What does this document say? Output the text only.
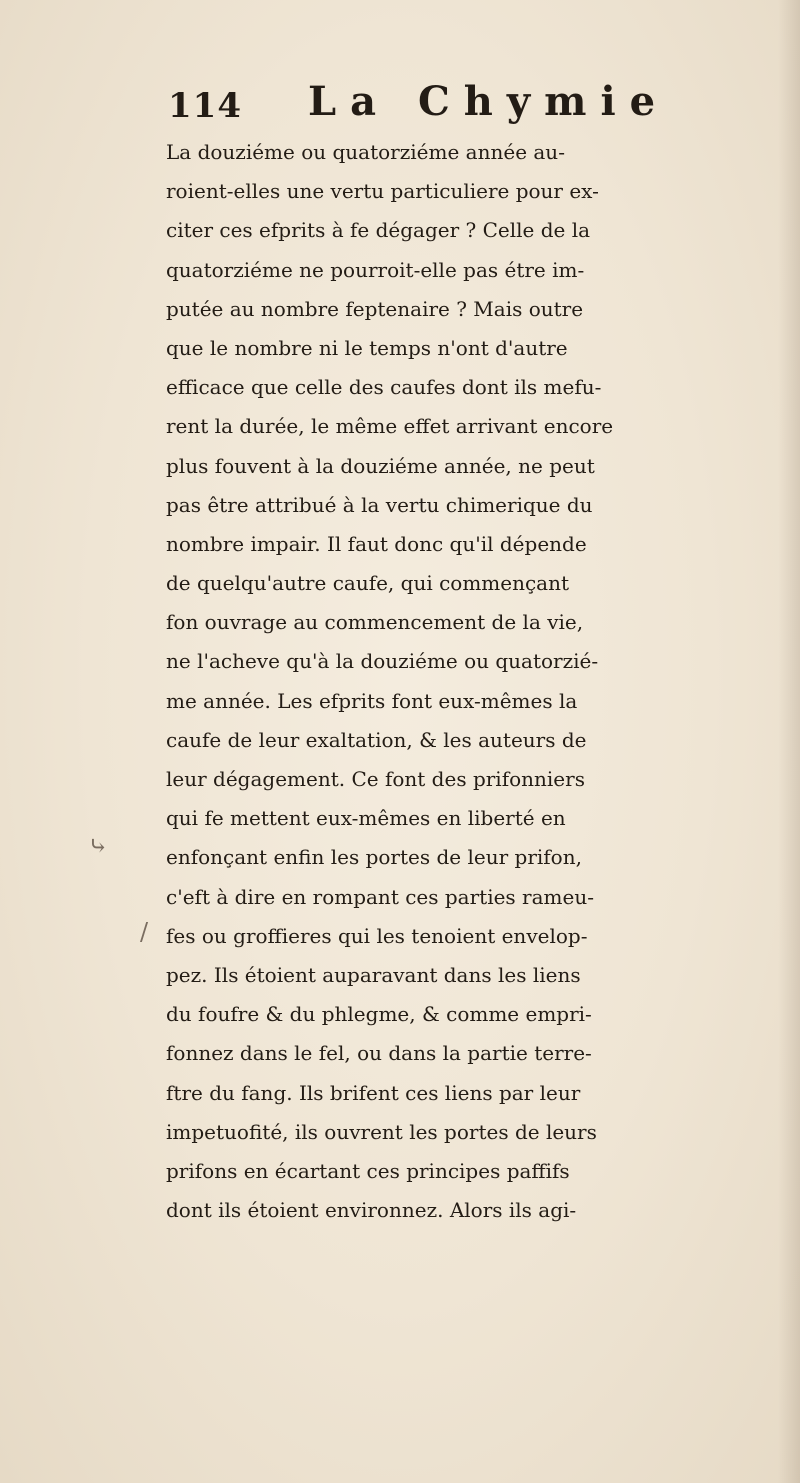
114 La Chymie
La douziéme ou quatorziéme année au-
roient-elles une vertu particuliere pour ex-
citer ces efprits à fe dégager ? Celle de la
quatorziéme ne pourroit-elle pas étre im-
putée au nombre feptenaire ? Mais outre
que le nombre ni le temps n'ont d'autre
efficace que celle des caufes dont ils mefu-
rent la durée, le même effet arrivant encore
plus fouvent à la douziéme année, ne peut
pas être attribué à la vertu chimerique du
nombre impair. Il faut donc qu'il dépende
de quelqu'autre caufe, qui commençant
fon ouvrage au commencement de la vie,
ne l'acheve qu'à la douziéme ou quatorzié-
me année. Les efprits font eux-mêmes la
caufe de leur exaltation, & les auteurs de
leur dégagement. Ce font des prifonniers
qui fe mettent eux-mêmes en liberté en
enfonçant enfin les portes de leur prifon,
c'eft à dire en rompant ces parties rameu-
fes ou groffieres qui les tenoient envelop-
pez. Ils étoient auparavant dans les liens
du foufre & du phlegme, & comme empri-
fonnez dans le fel, ou dans la partie terre-
ftre du fang. Ils brifent ces liens par leur
impetuofité, ils ouvrent les portes de leurs
prifons en écartant ces principes paffifs
dont ils étoient environnez. Alors ils agi-
⤷
/
